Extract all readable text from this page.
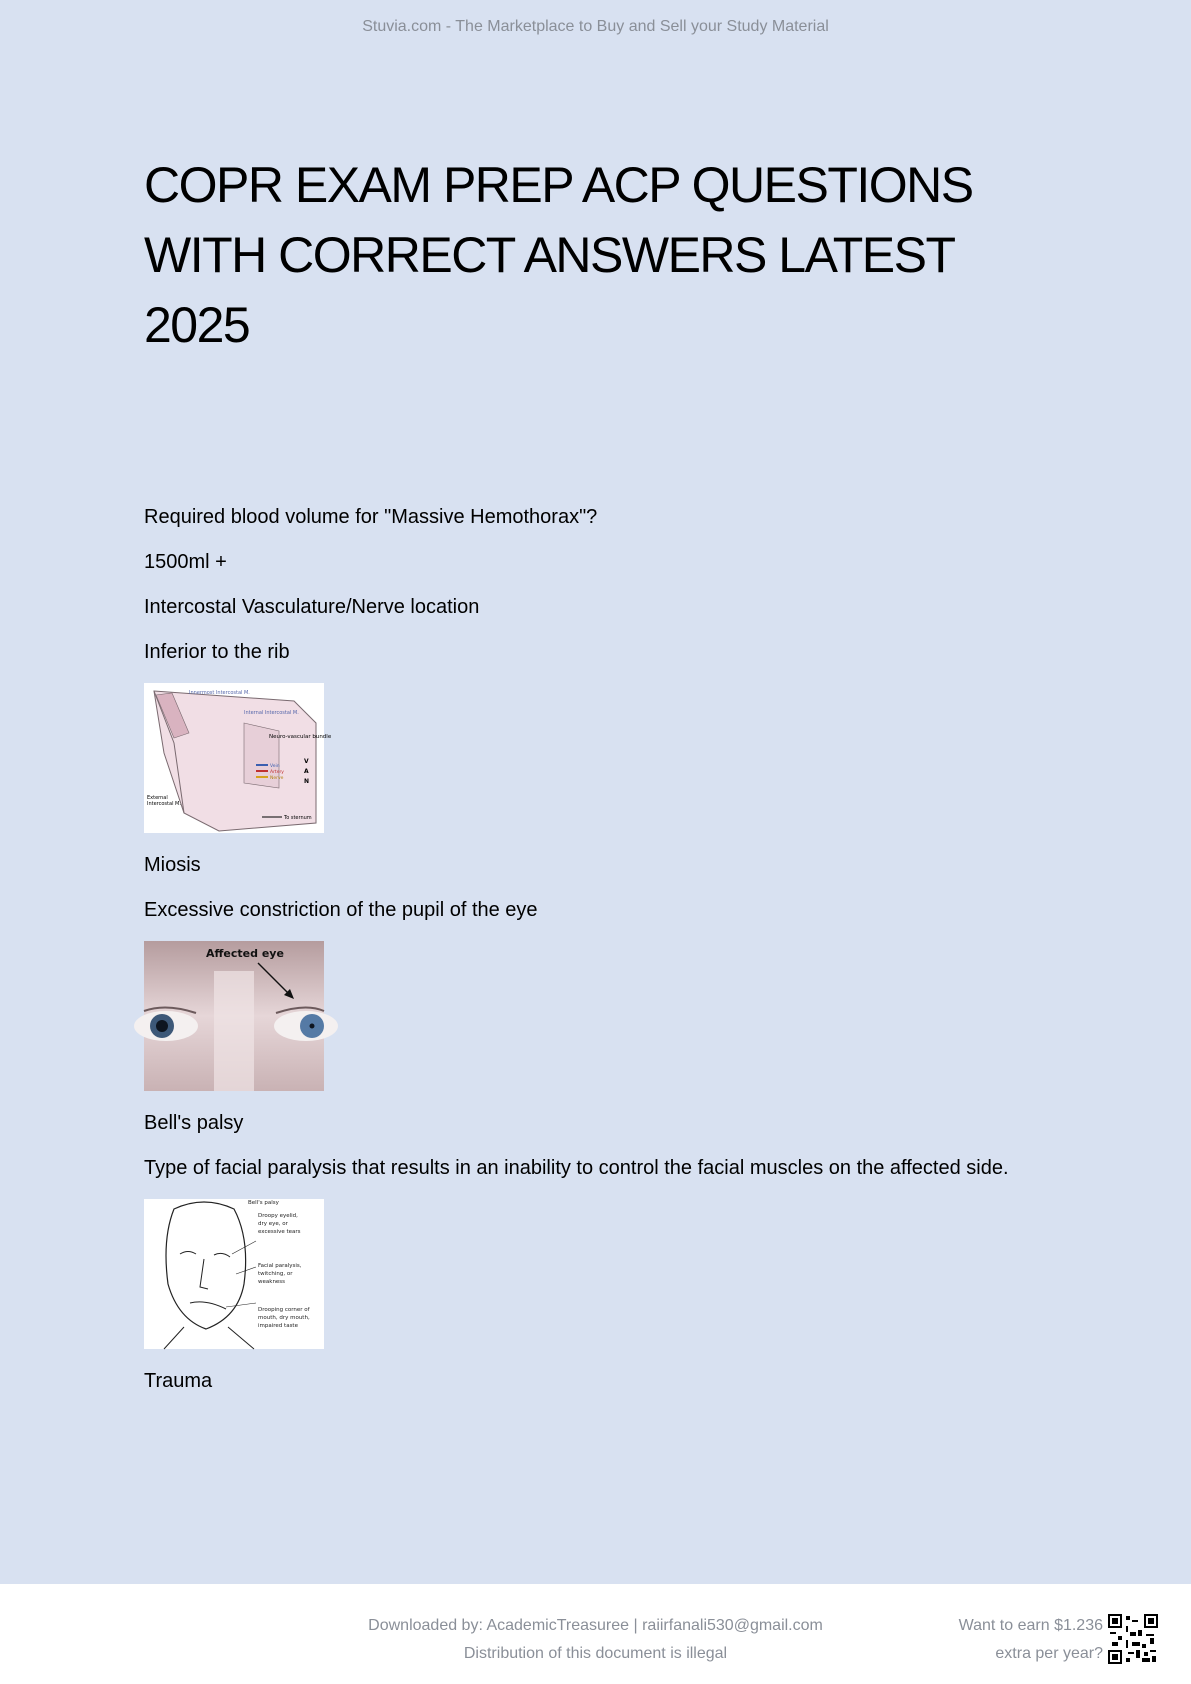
Stuvia.com - The Marketplace to Buy and Sell your Study Material
COPR EXAM PREP ACP QUESTIONS WITH CORRECT ANSWERS LATEST 2025

Required blood volume for "Massive Hemothorax"?

1500ml +

Intercostal Vasculature/Nerve location

Inferior to the rib

Innermost Intercostal M.
Internal Intercostal M.
Neuro-vascular bundle
Vein
Artery
Nerve
V
A
N
External
Intercostal M.
To sternum

Miosis

Excessive constriction of the pupil of the eye

Affected eye

Bell's palsy

Type of facial paralysis that results in an inability to control the facial muscles on the affected side.

Bell's palsy
Droopy eyelid,
dry eye, or
excessive tears
Facial paralysis,
twitching, or
weakness
Drooping corner of
mouth, dry mouth,
impaired taste

Trauma

Downloaded by: AcademicTreasuree | raiirfanali530@gmail.com
Distribution of this document is illegal
Want to earn $1.236
extra per year?
